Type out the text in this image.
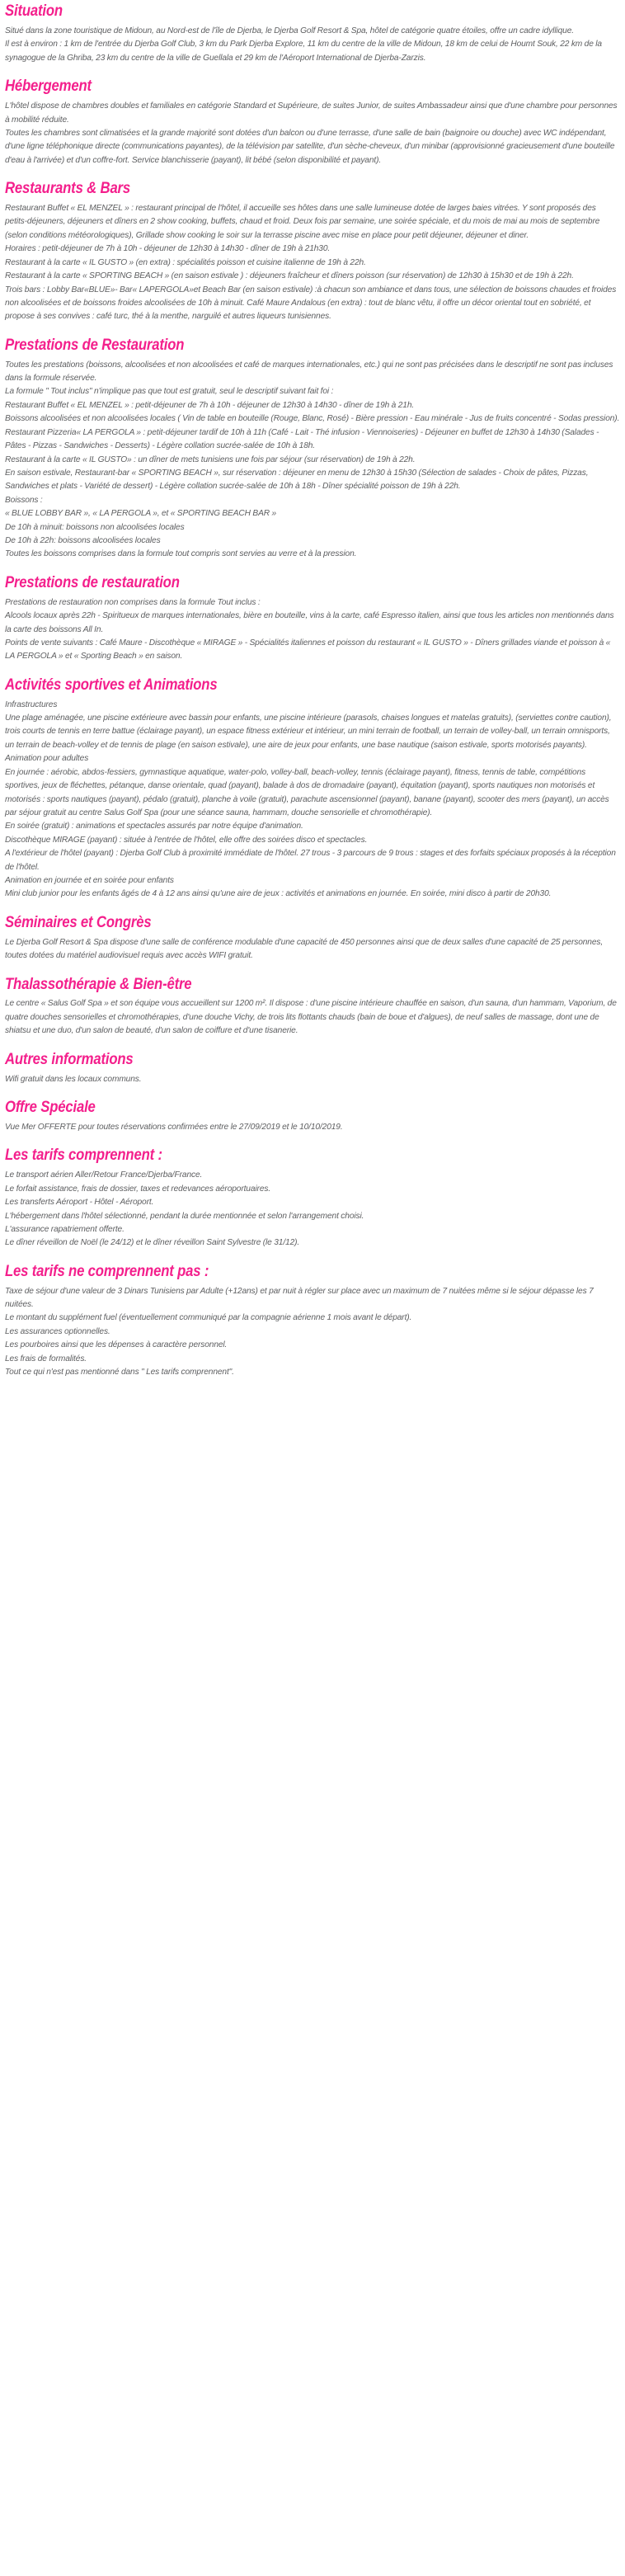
Situation

Situé dans la zone touristique de Midoun, au Nord-est de l'île de Djerba, le Djerba Golf Resort & Spa, hôtel de catégorie quatre étoiles, offre un cadre idyllique.

Il est à environ : 1 km de l'entrée du Djerba Golf Club, 3 km du Park Djerba Explore, 11 km du centre de la ville de Midoun, 18 km de celui de Houmt Souk, 22 km de la synagogue de la Ghriba, 23 km du centre de la ville de Guellala et 29 km de l'Aéroport International de Djerba-Zarzis.

Hébergement

L'hôtel dispose de chambres doubles et familiales en catégorie Standard et Supérieure, de suites Junior, de suites Ambassadeur ainsi que d'une chambre pour personnes à mobilité réduite.

Toutes les chambres sont climatisées et la grande majorité sont dotées d'un balcon ou d'une terrasse, d'une salle de bain (baignoire ou douche) avec WC indépendant, d'une ligne téléphonique directe (communications payantes), de la télévision par satellite, d'un sèche-cheveux, d'un minibar (approvisionné gracieusement d'une bouteille d'eau à l'arrivée) et d'un coffre-fort. Service blanchisserie (payant), lit bébé (selon disponibilité et payant).

Restaurants & Bars

Restaurant Buffet « EL MENZEL » : restaurant principal de l'hôtel, il accueille ses hôtes dans une salle lumineuse dotée de larges baies vitrées. Y sont proposés des petits-déjeuners, déjeuners et dîners en 2 show cooking, buffets, chaud et froid. Deux fois par semaine, une soirée spéciale, et du mois de mai au mois de septembre (selon conditions météorologiques), Grillade show cooking le soir sur la terrasse piscine avec mise en place pour petit déjeuner, déjeuner et diner.

Horaires : petit-déjeuner de 7h à 10h - déjeuner de 12h30 à 14h30 - dîner de 19h à 21h30.

Restaurant à la carte « IL GUSTO » (en extra) : spécialités poisson et cuisine italienne de 19h à 22h.

Restaurant à la carte « SPORTING BEACH » (en saison estivale ) : déjeuners fraîcheur et dîners poisson (sur réservation) de 12h30 à 15h30 et de 19h à 22h.

Trois bars : Lobby Bar«BLUE»- Bar« LAPERGOLA»et Beach Bar (en saison estivale) :à chacun son ambiance et dans tous, une sélection de boissons chaudes et froides non alcoolisées et de boissons froides alcoolisées de 10h à minuit. Café Maure Andalous (en extra) : tout de blanc vêtu, il offre un décor oriental tout en sobriété, et propose à ses convives : café turc, thé à la menthe, narguilé et autres liqueurs tunisiennes.

Prestations de Restauration

Toutes les prestations (boissons, alcoolisées et non alcoolisées et café de marques internationales, etc.) qui ne sont pas précisées dans le descriptif ne sont pas incluses dans la formule réservée.

La formule " Tout inclus" n'implique pas que tout est gratuit, seul le descriptif suivant fait foi :

Restaurant Buffet « EL MENZEL » : petit-déjeuner de 7h à 10h - déjeuner de 12h30 à 14h30 - dîner de 19h à 21h.

Boissons alcoolisées et non alcoolisées locales ( Vin de table en bouteille (Rouge, Blanc, Rosé) - Bière pression - Eau minérale - Jus de fruits concentré - Sodas pression).

Restaurant Pizzeria« LA PERGOLA » : petit-déjeuner tardif de 10h à 11h (Café - Lait - Thé infusion - Viennoiseries) - Déjeuner en buffet de 12h30 à 14h30 (Salades - Pâtes - Pizzas - Sandwiches - Desserts) - Légère collation sucrée-salée de 10h à 18h.

Restaurant à la carte « IL GUSTO» : un dîner de mets tunisiens une fois par séjour (sur réservation) de 19h à 22h.

En saison estivale, Restaurant-bar « SPORTING BEACH », sur réservation : déjeuner en menu de 12h30 à 15h30 (Sélection de salades - Choix de pâtes, Pizzas, Sandwiches et plats - Variété de dessert) - Légère collation sucrée-salée de 10h à 18h - Dîner spécialité poisson de 19h à 22h.

Boissons :

« BLUE LOBBY BAR », « LA PERGOLA », et « SPORTING BEACH BAR »

De 10h à minuit: boissons non alcoolisées locales

De 10h à 22h: boissons alcoolisées locales

Toutes les boissons comprises dans la formule tout compris sont servies au verre et à la pression.

Prestations de restauration

Prestations de restauration non comprises dans la formule Tout inclus :

Alcools locaux après 22h - Spiritueux de marques internationales, bière en bouteille, vins à la carte, café Espresso italien, ainsi que tous les articles non mentionnés dans la carte des boissons All In.

Points de vente suivants : Café Maure - Discothèque « MIRAGE » - Spécialités italiennes et poisson du restaurant « IL GUSTO » - Dîners grillades viande et poisson à « LA PERGOLA » et « Sporting Beach » en saison.

Activités sportives et Animations

Infrastructures

Une plage aménagée, une piscine extérieure avec bassin pour enfants, une piscine intérieure (parasols, chaises longues et matelas gratuits), (serviettes contre caution), trois courts de tennis en terre battue (éclairage payant), un espace fitness extérieur et intérieur, un mini terrain de football, un terrain de volley-ball, un terrain omnisports, un terrain de beach-volley et de tennis de plage (en saison estivale), une aire de jeux pour enfants, une base nautique (saison estivale, sports motorisés payants).

Animation pour adultes

En journée : aérobic, abdos-fessiers, gymnastique aquatique, water-polo, volley-ball, beach-volley, tennis (éclairage payant), fitness, tennis de table, compétitions sportives, jeux de fléchettes, pétanque, danse orientale, quad (payant), balade à dos de dromadaire (payant), équitation (payant), sports nautiques non motorisés et motorisés : sports nautiques (payant), pédalo (gratuit), planche à voile (gratuit), parachute ascensionnel (payant), banane (payant), scooter des mers (payant), un accès par séjour gratuit au centre Salus Golf Spa (pour une séance sauna, hammam, douche sensorielle et chromothérapie).

En soirée (gratuit) : animations et spectacles assurés par notre équipe d'animation.

Discothèque MIRAGE (payant) : située à l'entrée de l'hôtel, elle offre des soirées disco et spectacles.

A l'extérieur de l'hôtel (payant) : Djerba Golf Club à proximité immédiate de l'hôtel. 27 trous - 3 parcours de 9 trous : stages et des forfaits spéciaux proposés à la réception de l'hôtel.

Animation en journée et en soirée pour enfants

Mini club junior pour les enfants âgés de 4 à 12 ans ainsi qu'une aire de jeux : activités et animations en journée. En soirée, mini disco à partir de 20h30.

Séminaires et Congrès

Le Djerba Golf Resort & Spa dispose d'une salle de conférence modulable d'une capacité de 450 personnes ainsi que de deux salles d'une capacité de 25 personnes, toutes dotées du matériel audiovisuel requis avec accès WIFI gratuit.

Thalassothérapie & Bien-être

Le centre « Salus Golf Spa » et son équipe vous accueillent sur 1200 m². Il dispose : d'une piscine intérieure chauffée en saison, d'un sauna, d'un hammam, Vaporium, de quatre douches sensorielles et chromothérapies, d'une douche Vichy, de trois lits flottants chauds (bain de boue et d'algues), de neuf salles de massage, dont une de shiatsu et une duo, d'un salon de beauté, d'un salon de coiffure et d'une tisanerie.

Autres informations

Wifi gratuit dans les locaux communs.

Offre Spéciale

Vue Mer OFFERTE pour toutes réservations confirmées entre le 27/09/2019 et le 10/10/2019.

Les tarifs comprennent :

Le transport aérien Aller/Retour France/Djerba/France.

Le forfait assistance, frais de dossier, taxes et redevances aéroportuaires.

Les transferts Aéroport - Hôtel - Aéroport.

L'hébergement dans l'hôtel sélectionné, pendant la durée mentionnée et selon l'arrangement choisi.

L'assurance rapatriement offerte.

Le dîner réveillon de Noël (le 24/12) et le dîner réveillon Saint Sylvestre (le 31/12).

Les tarifs ne comprennent pas :

Taxe de séjour d'une valeur de 3 Dinars Tunisiens par Adulte (+12ans) et par nuit à régler sur place avec un maximum de 7 nuitées même si le séjour dépasse les 7 nuitées.

Le montant du supplément fuel (éventuellement communiqué par la compagnie aérienne 1 mois avant le départ).

Les assurances optionnelles.

Les pourboires ainsi que les dépenses à caractère personnel.

Les frais de formalités.

Tout ce qui n'est pas mentionné dans " Les tarifs comprennent".
